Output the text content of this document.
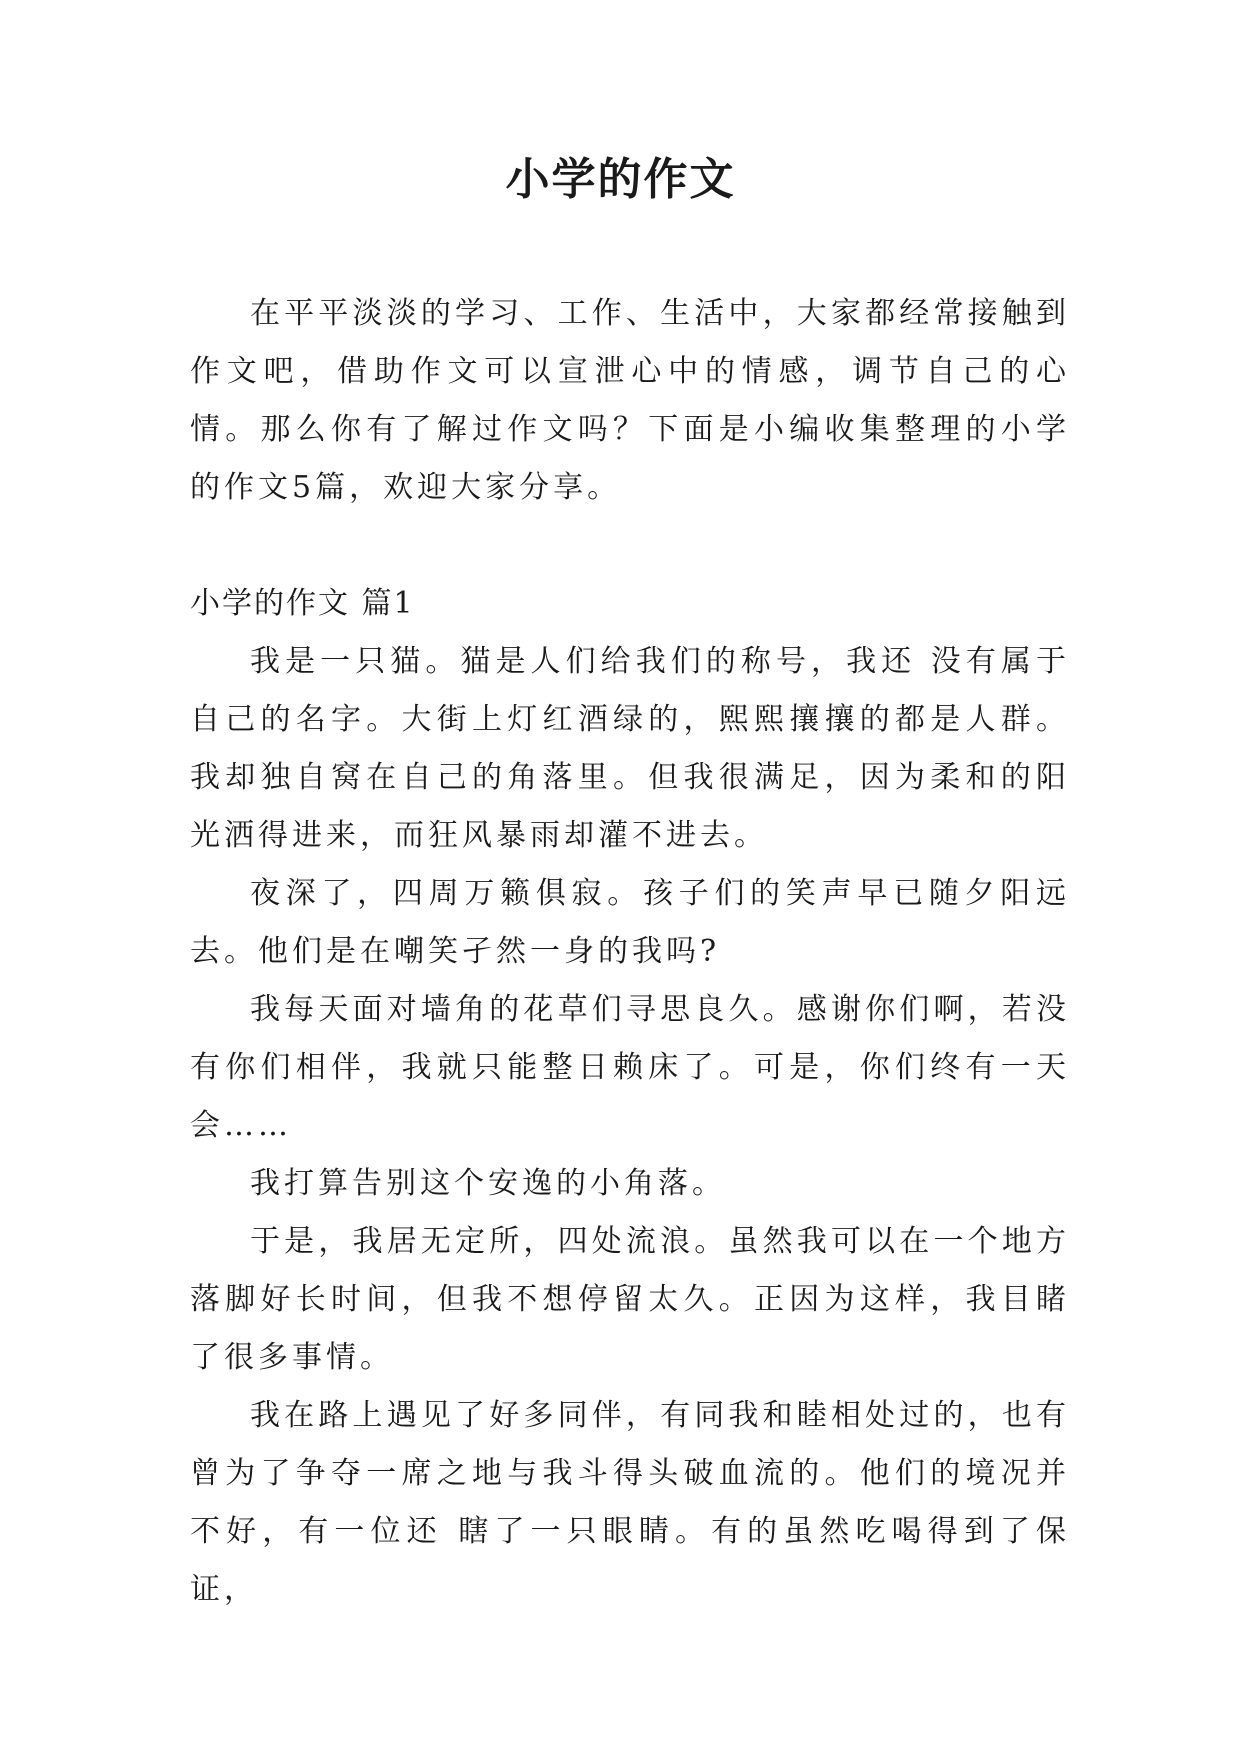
小学的作文

在平平淡淡的学习、工作、生活中，大家都经常接触到作文吧，借助作文可以宣泄心中的情感，调节自己的心情。那么你有了解过作文吗？下面是小编收集整理的小学的作文5篇，欢迎大家分享。

小学的作文 篇1

我是一只猫。猫是人们给我们的称号，我还 没有属于自己的名字。大街上灯红酒绿的，熙熙攘攘的都是人群。我却独自窝在自己的角落里。但我很满足，因为柔和的阳光洒得进来，而狂风暴雨却灌不进去。

夜深了，四周万籁俱寂。孩子们的笑声早已随夕阳远去。他们是在嘲笑孑然一身的我吗?

我每天面对墙角的花草们寻思良久。感谢你们啊，若没有你们相伴，我就只能整日赖床了。可是，你们终有一天会……

我打算告别这个安逸的小角落。

于是，我居无定所，四处流浪。虽然我可以在一个地方落脚好长时间，但我不想停留太久。正因为这样，我目睹了很多事情。

我在路上遇见了好多同伴，有同我和睦相处过的，也有曾为了争夺一席之地与我斗得头破血流的。他们的境况并不好，有一位还 瞎了一只眼睛。有的虽然吃喝得到了保证，
